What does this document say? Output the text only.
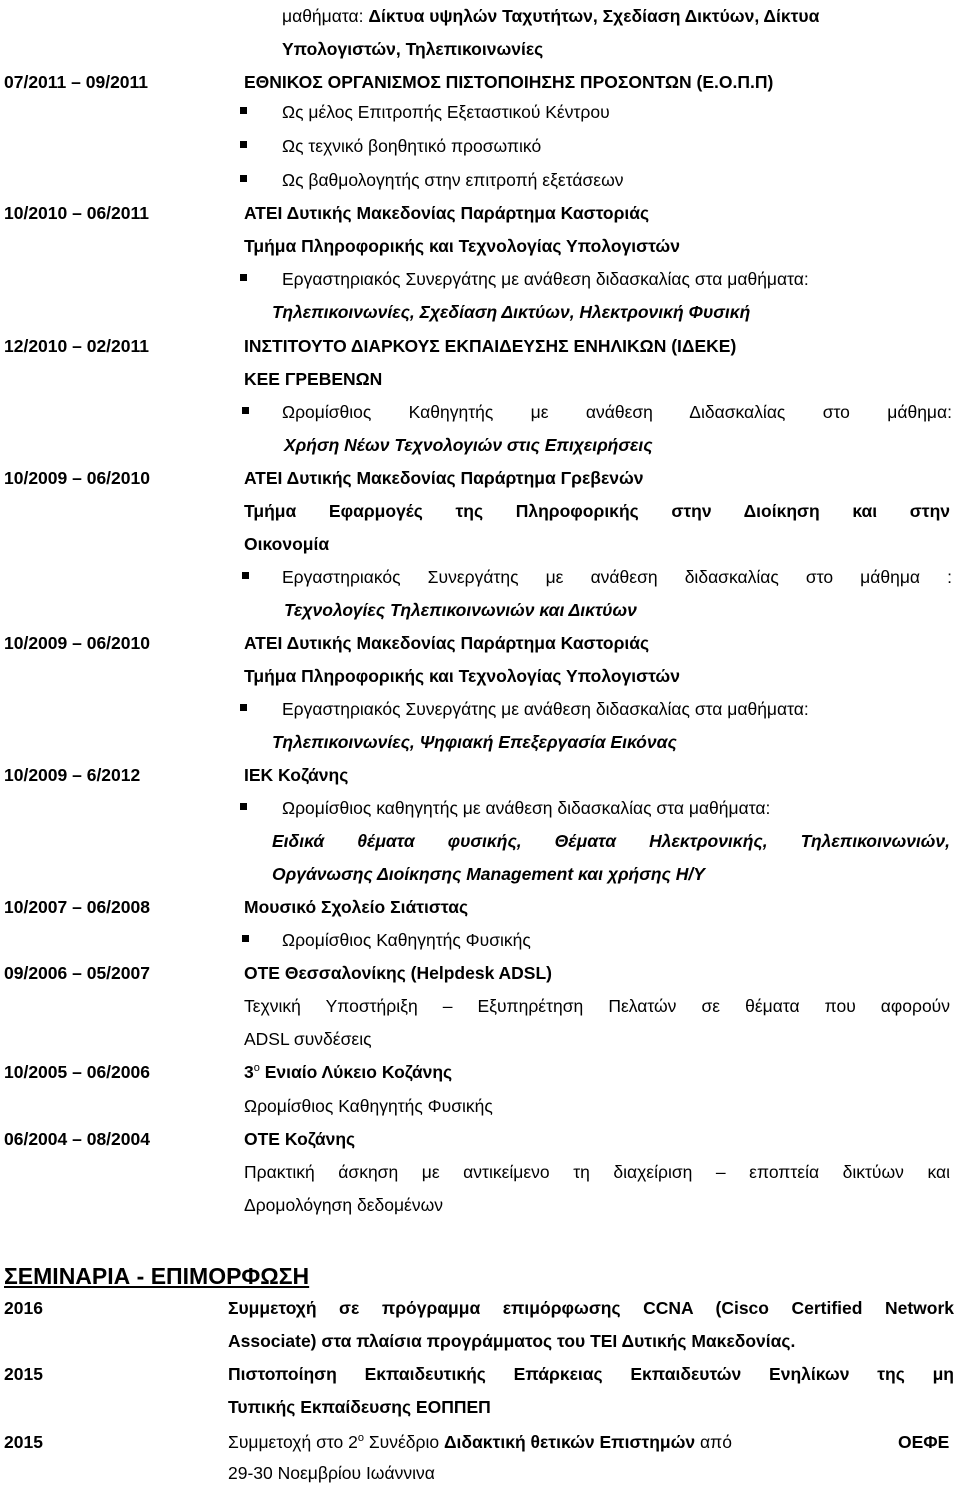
μαθήματα: Δίκτυα υψηλών Ταχυτήτων, Σχεδίαση Δικτύων, Δίκτυα
Υπολογιστών, Τηλεπικοινωνίες
07/2011 – 09/2011	ΕΘΝΙΚΟΣ ΟΡΓΑΝΙΣΜΟΣ ΠΙΣΤΟΠΟΙΗΣΗΣ ΠΡΟΣΟΝΤΩΝ (Ε.Ο.Π.Π)
Ως μέλος Επιτροπής Εξεταστικού Κέντρου
Ως τεχνικό βοηθητικό προσωπικό
Ως βαθμολογητής στην επιτροπή εξετάσεων
10/2010 – 06/2011	ΑΤΕΙ Δυτικής Μακεδονίας Παράρτημα Καστοριάς
Τμήμα Πληροφορικής και Τεχνολογίας Υπολογιστών
Εργαστηριακός Συνεργάτης με ανάθεση διδασκαλίας στα μαθήματα:
Τηλεπικοινωνίες, Σχεδίαση Δικτύων, Ηλεκτρονική Φυσική
12/2010 – 02/2011	ΙΝΣΤΙΤΟΥΤΟ ΔΙΑΡΚΟΥΣ ΕΚΠΑΙΔΕΥΣΗΣ ΕΝΗΛΙΚΩΝ (ΙΔΕΚΕ)
ΚΕΕ ΓΡΕΒΕΝΩΝ
Ωρομίσθιος Καθηγητής με ανάθεση Διδασκαλίας στο μάθημα:
Χρήση Νέων Τεχνολογιών στις Επιχειρήσεις
10/2009 – 06/2010	ΑΤΕΙ Δυτικής Μακεδονίας Παράρτημα Γρεβενών
Τμήμα Εφαρμογές της Πληροφορικής στην Διοίκηση και στην
Οικονομία
Εργαστηριακός Συνεργάτης με ανάθεση διδασκαλίας στο μάθημα :
Τεχνολογίες Τηλεπικοινωνιών και Δικτύων
10/2009 – 06/2010	ΑΤΕΙ Δυτικής Μακεδονίας Παράρτημα Καστοριάς
Τμήμα Πληροφορικής και Τεχνολογίας Υπολογιστών
Εργαστηριακός Συνεργάτης με ανάθεση διδασκαλίας στα μαθήματα:
Τηλεπικοινωνίες, Ψηφιακή Επεξεργασία Εικόνας
10/2009 – 6/2012	ΙΕΚ Κοζάνης
Ωρομίσθιος καθηγητής με ανάθεση διδασκαλίας στα μαθήματα:
Ειδικά θέματα φυσικής, Θέματα Ηλεκτρονικής, Τηλεπικοινωνιών,
Οργάνωσης Διοίκησης Management και χρήσης Η/Υ
10/2007 – 06/2008	Μουσικό Σχολείο Σιάτιστας
Ωρομίσθιος Καθηγητής Φυσικής
09/2006 – 05/2007	ΟΤΕ Θεσσαλονίκης (Helpdesk ADSL)
Τεχνική Υποστήριξη – Εξυπηρέτηση Πελατών σε θέματα που αφορούν
ADSL συνδέσεις
10/2005 – 06/2006	$3^o$ Ενιαίο Λύκειο Κοζάνης
Ωρομίσθιος Καθηγητής Φυσικής
06/2004 – 08/2004	ΟΤΕ Κοζάνης
Πρακτική άσκηση με αντικείμενο τη διαχείριση – εποπτεία δικτύων και
Δρομολόγηση δεδομένων
ΣΕΜΙΝΑΡΙΑ - ΕΠΙΜΟΡΦΩΣΗ
2016	Συμμετοχή σε πρόγραμμα επιμόρφωσης CCNA (Cisco Certified Network
Associate) στα πλαίσια προγράμματος του ΤΕΙ Δυτικής Μακεδονίας.
2015	Πιστοποίηση Εκπαιδευτικής Επάρκειας Εκπαιδευτών Ενηλίκων της μη
Τυπικής Εκπαίδευσης ΕΟΠΠΕΠ
2015	Συμμετοχή στο $2^o$ Συνέδριο Διδακτική θετικών Επιστημών από	ΟΕΦΕ
29-30 Νοεμβρίου Ιωάννινα
